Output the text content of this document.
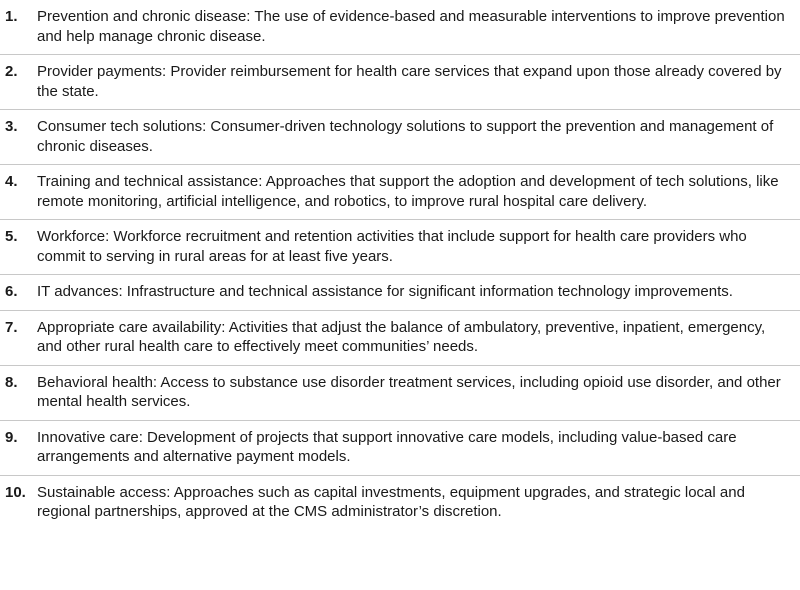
1.	Prevention and chronic disease: The use of evidence-based and measurable interventions to improve prevention and help manage chronic disease.
2.	Provider payments: Provider reimbursement for health care services that expand upon those already covered by the state.
3.	Consumer tech solutions: Consumer-driven technology solutions to support the prevention and management of chronic diseases.
4.	Training and technical assistance: Approaches that support the adoption and development of tech solutions, like remote monitoring, artificial intelligence, and robotics, to improve rural hospital care delivery.
5.	Workforce: Workforce recruitment and retention activities that include support for health care providers who commit to serving in rural areas for at least five years.
6.	IT advances: Infrastructure and technical assistance for significant information technology improvements.
7.	Appropriate care availability: Activities that adjust the balance of ambulatory, preventive, inpatient, emergency, and other rural health care to effectively meet communities’ needs.
8.	Behavioral health: Access to substance use disorder treatment services, including opioid use disorder, and other mental health services.
9.	Innovative care: Development of projects that support innovative care models, including value-based care arrangements and alternative payment models.
10. Sustainable access: Approaches such as capital investments, equipment upgrades, and strategic local and regional partnerships, approved at the CMS administrator’s discretion.
